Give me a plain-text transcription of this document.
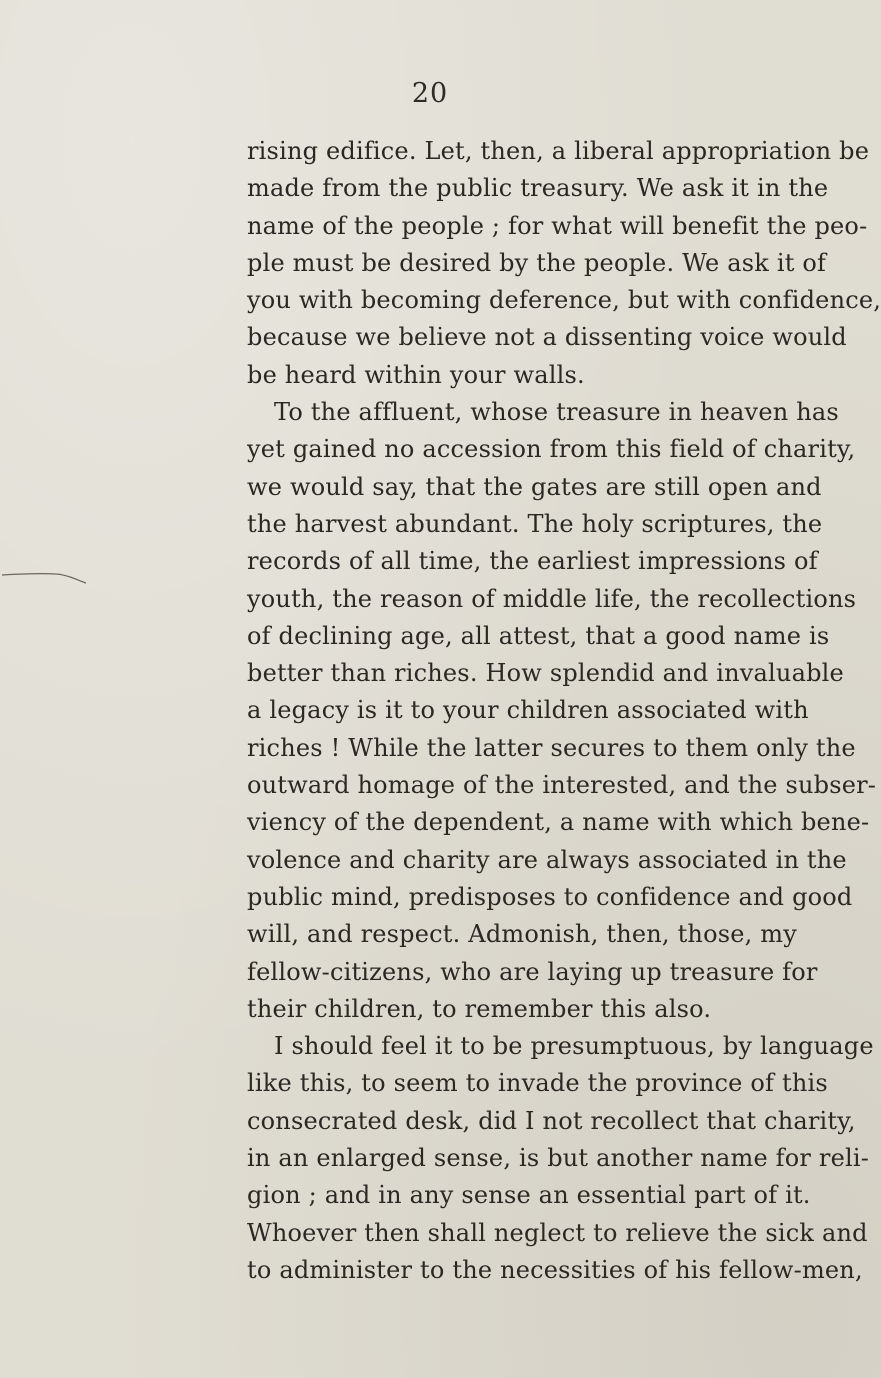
20
rising edifice. Let, then, a liberal appropriation be
made from the public treasury. We ask it in the
name of the people ; for what will benefit the peo-
ple must be desired by the people. We ask it of
you with becoming deference, but with confidence,
because we believe not a dissenting voice would
be heard within your walls.
To the affluent, whose treasure in heaven has
yet gained no accession from this field of charity,
we would say, that the gates are still open and
the harvest abundant. The holy scriptures, the
records of all time, the earliest impressions of
youth, the reason of middle life, the recollections
of declining age, all attest, that a good name is
better than riches. How splendid and invaluable
a legacy is it to your children associated with
riches ! While the latter secures to them only the
outward homage of the interested, and the subser-
viency of the dependent, a name with which bene-
volence and charity are always associated in the
public mind, predisposes to confidence and good
will, and respect. Admonish, then, those, my
fellow-citizens, who are laying up treasure for
their children, to remember this also.
I should feel it to be presumptuous, by language
like this, to seem to invade the province of this
consecrated desk, did I not recollect that charity,
in an enlarged sense, is but another name for reli-
gion ; and in any sense an essential part of it.
Whoever then shall neglect to relieve the sick and
to administer to the necessities of his fellow-men,
